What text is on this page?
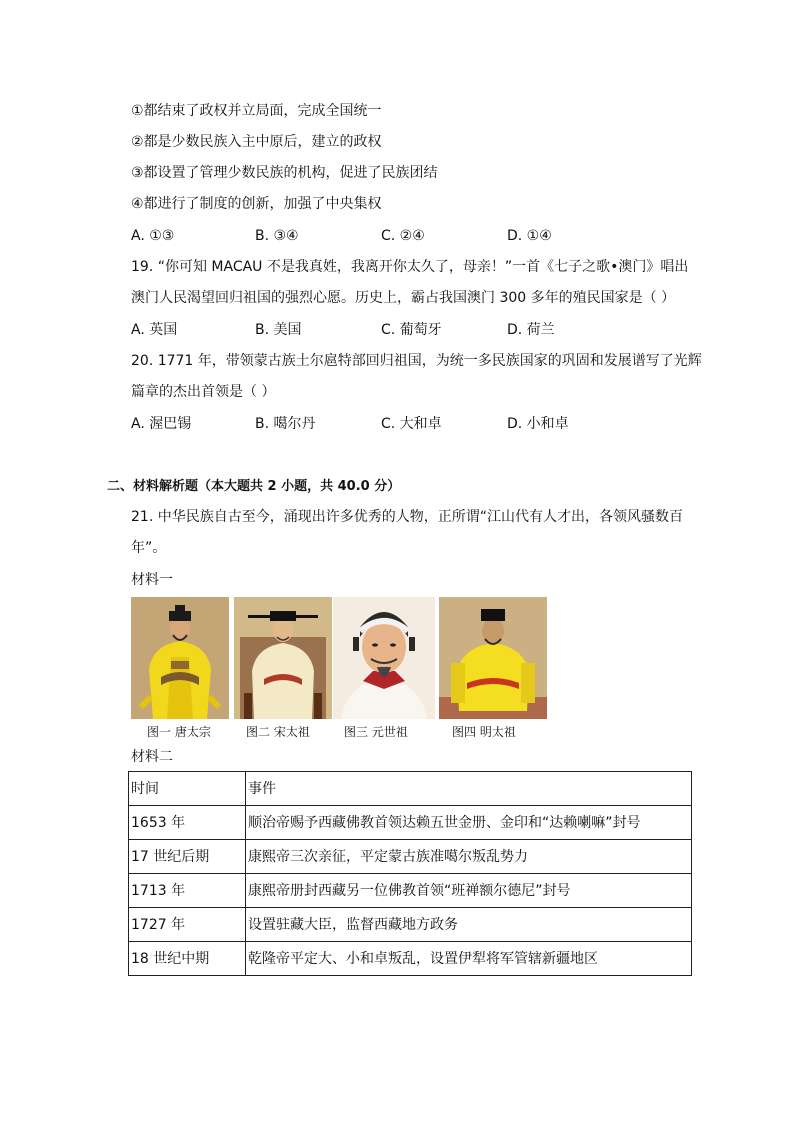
①都结束了政权并立局面，完成全国统一
②都是少数民族入主中原后，建立的政权
③都设置了管理少数民族的机构，促进了民族团结
④都进行了制度的创新，加强了中央集权
A. ①③	B. ③④	C. ②④	D. ①④
19. “你可知 MACAU 不是我真姓，我离开你太久了，母亲！”一首《七子之歌•澳门》唱出
澳门人民渴望回归祖国的强烈心愿。历史上，霸占我国澳门 300 多年的殖民国家是（ ）
A. 英国	B. 美国	C. 葡萄牙	D. 荷兰
20. 1771 年，带领蒙古族土尔扈特部回归祖国，为统一多民族国家的巩固和发展谱写了光辉
篇章的杰出首领是（ ）
A. 渥巴锡	B. 噶尔丹	C. 大和卓	D. 小和卓
二、材料解析题（本大题共 2 小题，共 40.0 分）
21. 中华民族自古至今，涌现出许多优秀的人物，正所谓“江山代有人才出，各领风骚数百
年”。
材料一
图一 唐太宗	图二 宋太祖	图三 元世祖	图四 明太祖
材料二
时间	事件
1653 年	顺治帝赐予西藏佛教首领达赖五世金册、金印和“达赖喇嘛”封号
17 世纪后期	康熙帝三次亲征，平定蒙古族准噶尔叛乱势力
1713 年	康熙帝册封西藏另一位佛教首领“班禅额尔德尼”封号
1727 年	设置驻藏大臣，监督西藏地方政务
18 世纪中期	乾隆帝平定大、小和卓叛乱，设置伊犁将军管辖新疆地区
